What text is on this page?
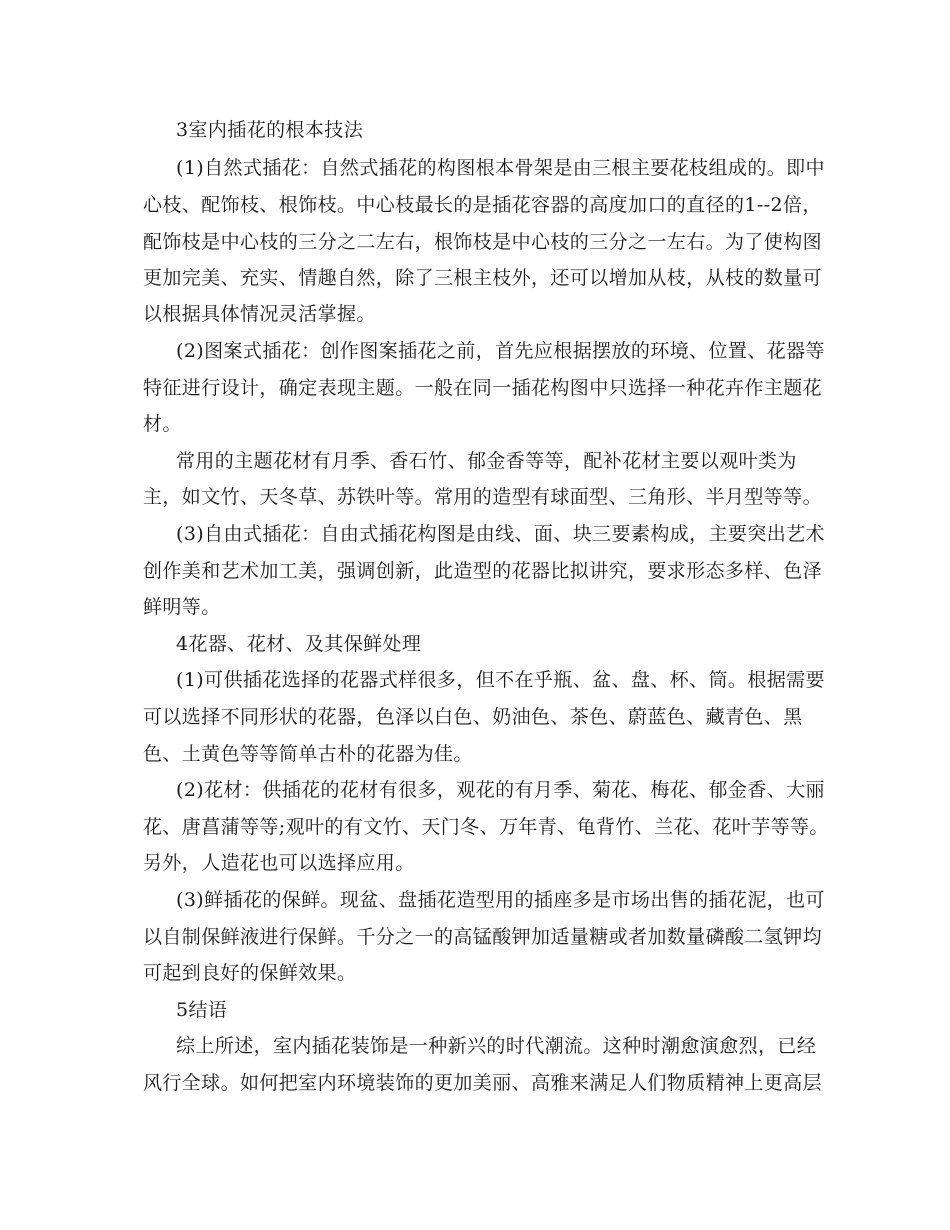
3室内插花的根本技法
(1)自然式插花：自然式插花的构图根本骨架是由三根主要花枝组成的。即中
心枝、配饰枝、根饰枝。中心枝最长的是插花容器的高度加口的直径的1--2倍，
配饰枝是中心枝的三分之二左右，根饰枝是中心枝的三分之一左右。为了使构图
更加完美、充实、情趣自然，除了三根主枝外，还可以增加从枝，从枝的数量可
以根据具体情况灵活掌握。
(2)图案式插花：创作图案插花之前，首先应根据摆放的环境、位置、花器等
特征进行设计，确定表现主题。一般在同一插花构图中只选择一种花卉作主题花
材。
常用的主题花材有月季、香石竹、郁金香等等，配补花材主要以观叶类为
主，如文竹、天冬草、苏铁叶等。常用的造型有球面型、三角形、半月型等等。
(3)自由式插花：自由式插花构图是由线、面、块三要素构成，主要突出艺术
创作美和艺术加工美，强调创新，此造型的花器比拟讲究，要求形态多样、色泽
鲜明等。
4花器、花材、及其保鲜处理
(1)可供插花选择的花器式样很多，但不在乎瓶、盆、盘、杯、筒。根据需要
可以选择不同形状的花器，色泽以白色、奶油色、茶色、蔚蓝色、藏青色、黑
色、土黄色等等简单古朴的花器为佳。
(2)花材：供插花的花材有很多，观花的有月季、菊花、梅花、郁金香、大丽
花、唐菖蒲等等;观叶的有文竹、天门冬、万年青、龟背竹、兰花、花叶芋等等。
另外，人造花也可以选择应用。
(3)鲜插花的保鲜。现盆、盘插花造型用的插座多是市场出售的插花泥，也可
以自制保鲜液进行保鲜。千分之一的高锰酸钾加适量糖或者加数量磷酸二氢钾均
可起到良好的保鲜效果。
5结语
综上所述，室内插花装饰是一种新兴的时代潮流。这种时潮愈演愈烈，已经
风行全球。如何把室内环境装饰的更加美丽、高雅来满足人们物质精神上更高层
